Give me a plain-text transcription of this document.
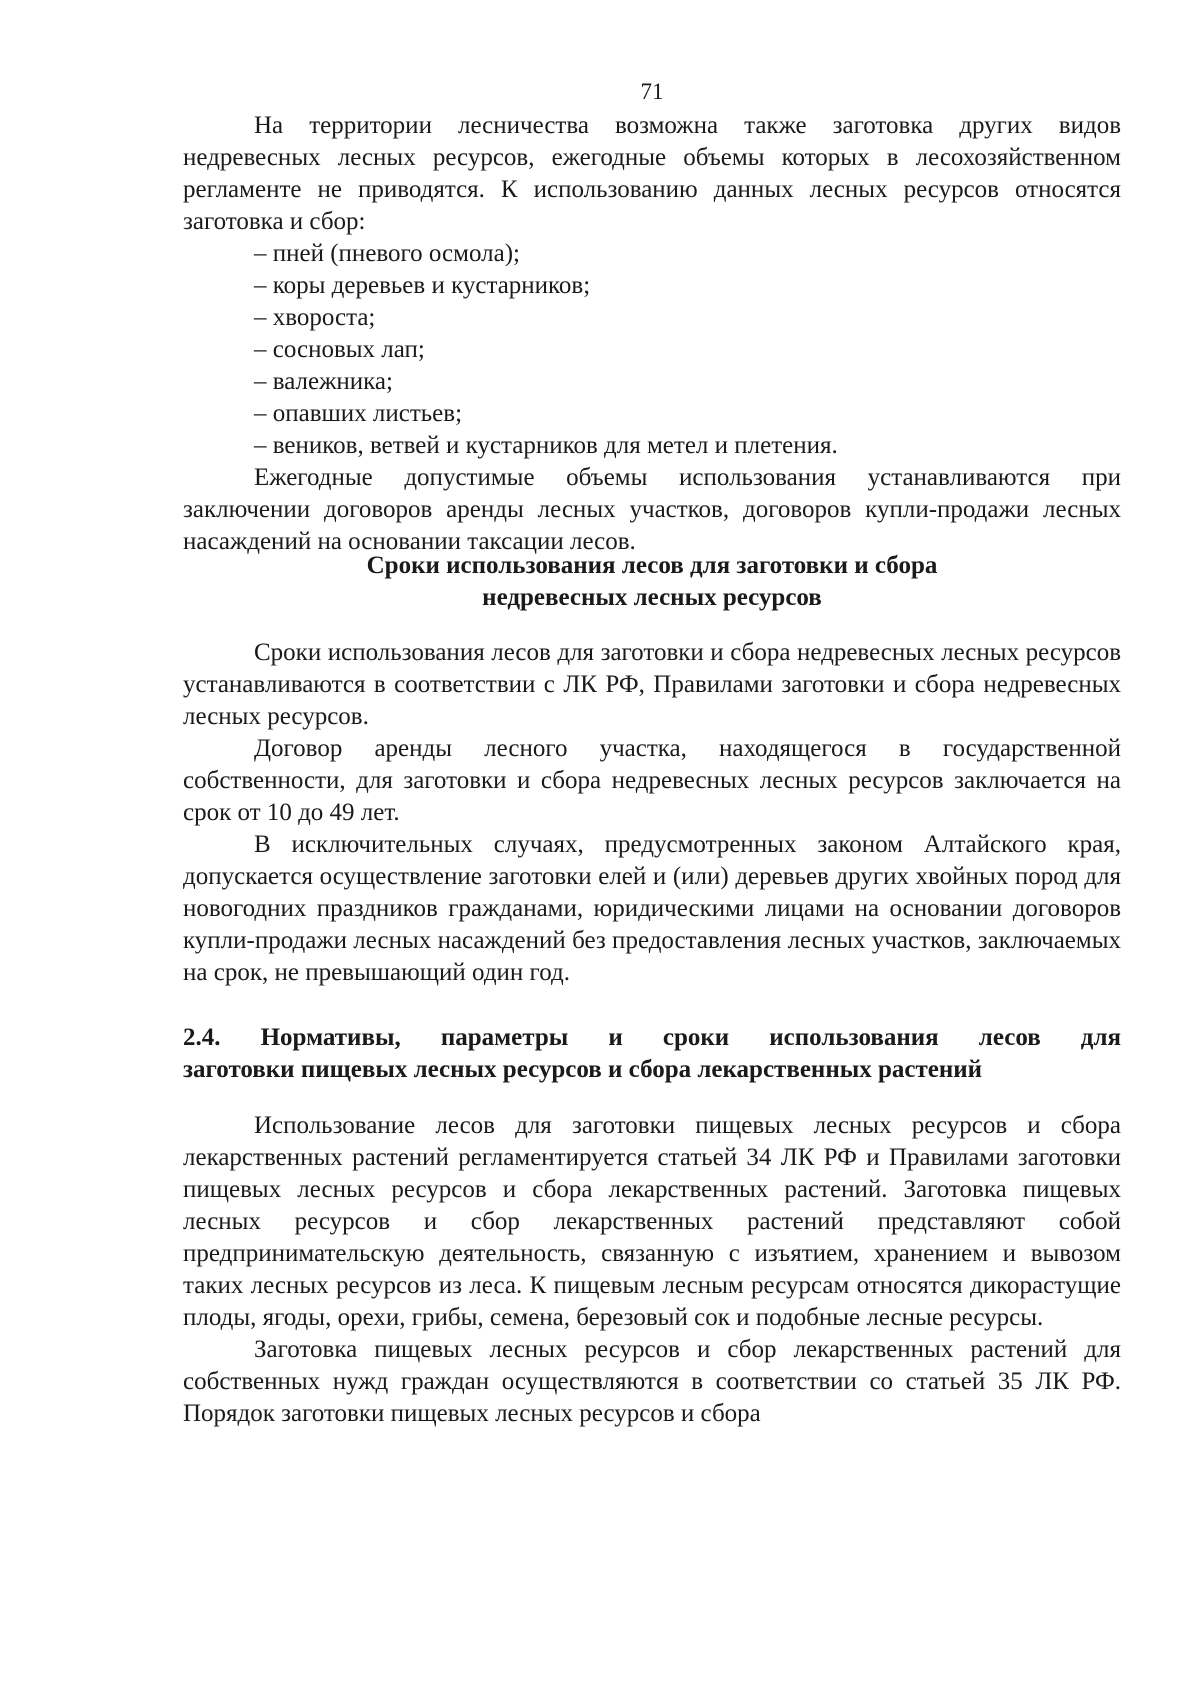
71

На территории лесничества возможна также заготовка других видов недревесных лесных ресурсов, ежегодные объемы которых в лесохозяйственном регламенте не приводятся. К использованию данных лесных ресурсов относятся заготовка и сбор:

– пней (пневого осмола);
– коры деревьев и кустарников;
– хвороста;
– сосновых лап;
– валежника;
– опавших листьев;
– веников, ветвей и кустарников для метел и плетения.

Ежегодные допустимые объемы использования устанавливаются при заключении договоров аренды лесных участков, договоров купли-продажи лесных насаждений на основании таксации лесов.

Сроки использования лесов для заготовки и сбора
недревесных лесных ресурсов

Сроки использования лесов для заготовки и сбора недревесных лесных ресурсов устанавливаются в соответствии с ЛК РФ, Правилами заготовки и сбора недревесных лесных ресурсов.

Договор аренды лесного участка, находящегося в государственной собственности, для заготовки и сбора недревесных лесных ресурсов заключается на срок от 10 до 49 лет.

В исключительных случаях, предусмотренных законом Алтайского края, допускается осуществление заготовки елей и (или) деревьев других хвойных пород для новогодних праздников гражданами, юридическими лицами на основании договоров купли-продажи лесных насаждений без предоставления лесных участков, заключаемых на срок, не превышающий один год.

2.4. Нормативы, параметры и сроки использования лесов для
заготовки пищевых лесных ресурсов и сбора лекарственных растений

Использование лесов для заготовки пищевых лесных ресурсов и сбора лекарственных растений регламентируется статьей 34 ЛК РФ и Правилами заготовки пищевых лесных ресурсов и сбора лекарственных растений. Заготовка пищевых лесных ресурсов и сбор лекарственных растений представляют собой предпринимательскую деятельность, связанную с изъятием, хранением и вывозом таких лесных ресурсов из леса. К пищевым лесным ресурсам относятся дикорастущие плоды, ягоды, орехи, грибы, семена, березовый сок и подобные лесные ресурсы.

Заготовка пищевых лесных ресурсов и сбор лекарственных растений для собственных нужд граждан осуществляются в соответствии со статьей 35 ЛК РФ. Порядок заготовки пищевых лесных ресурсов и сбора
